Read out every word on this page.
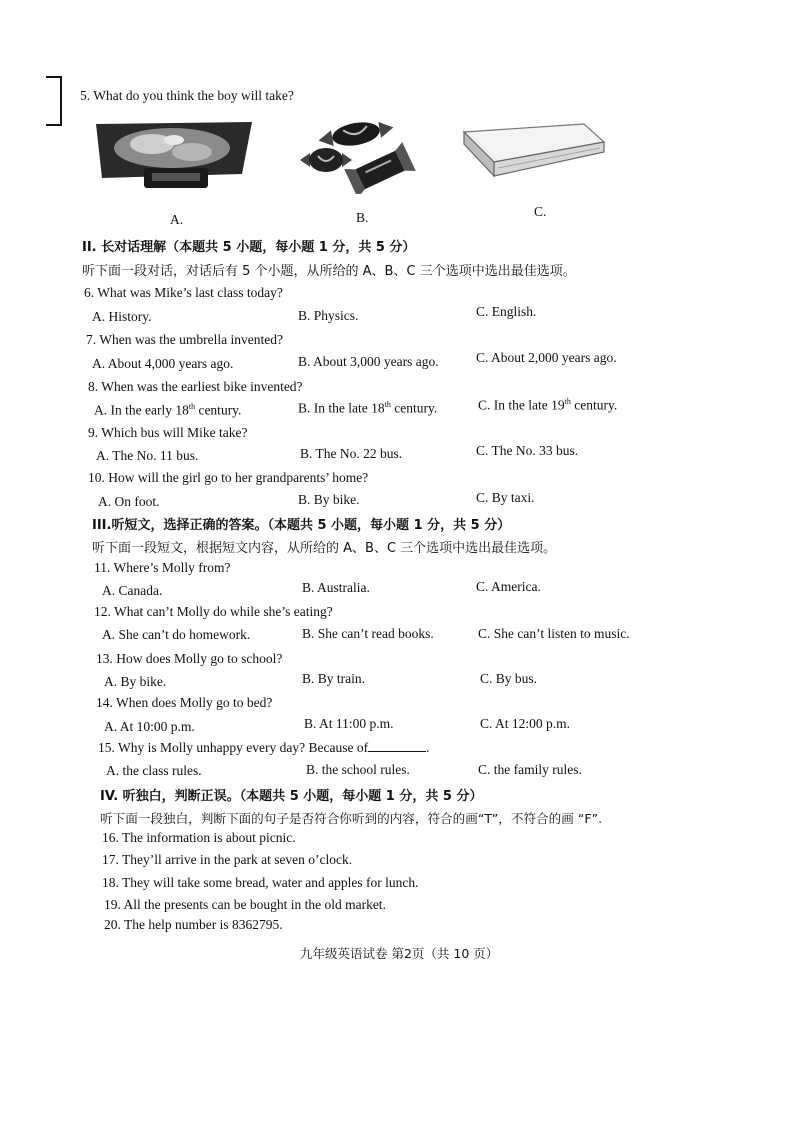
5. What do you think the boy will take?
A.	B.	C.
II. 长对话理解（本题共 5 小题，每小题 1 分，共 5 分）
听下面一段对话，对话后有 5 个小题，从所给的 A、B、C 三个选项中选出最佳选项。
6. What was Mike’s last class today?
A. History.	B. Physics.	C. English.
7. When was the umbrella invented?
A. About 4,000 years ago.	B. About 3,000 years ago.	C. About 2,000 years ago.
8. When was the earliest bike invented?
A. In the early 18th century.	B. In the late 18th century.	C. In the late 19th century.
9. Which bus will Mike take?
A. The No. 11 bus.	B. The No. 22 bus.	C. The No. 33 bus.
10. How will the girl go to her grandparents’ home?
A. On foot.	B. By bike.	C. By taxi.
III.听短文，选择正确的答案。（本题共 5 小题，每小题 1 分，共 5 分）
听下面一段短文，根据短文内容，从所给的 A、B、C 三个选项中选出最佳选项。
11. Where’s Molly from?
A. Canada.	B. Australia.	C. America.
12. What can’t Molly do while she’s eating?
A. She can’t do homework.	B. She can’t read books.	C. She can’t listen to music.
13. How does Molly go to school?
A. By bike.	B. By train.	C. By bus.
14. When does Molly go to bed?
A. At 10:00 p.m.	B. At 11:00 p.m.	C. At 12:00 p.m.
15. Why is Molly unhappy every day? Because of	.
A. the class rules.	B. the school rules.	C. the family rules.
IV. 听独白，判断正误。（本题共 5 小题，每小题 1 分，共 5 分）
听下面一段独白，判断下面的句子是否符合你听到的内容，符合的画“T”，不符合的画 “F”.
16. The information is about picnic.
17. They’ll arrive in the park at seven o’clock.
18. They will take some bread, water and apples for lunch.
19. All the presents can be bought in the old market.
20. The help number is 8362795.
九年级英语试卷 第2页（共 10 页）
